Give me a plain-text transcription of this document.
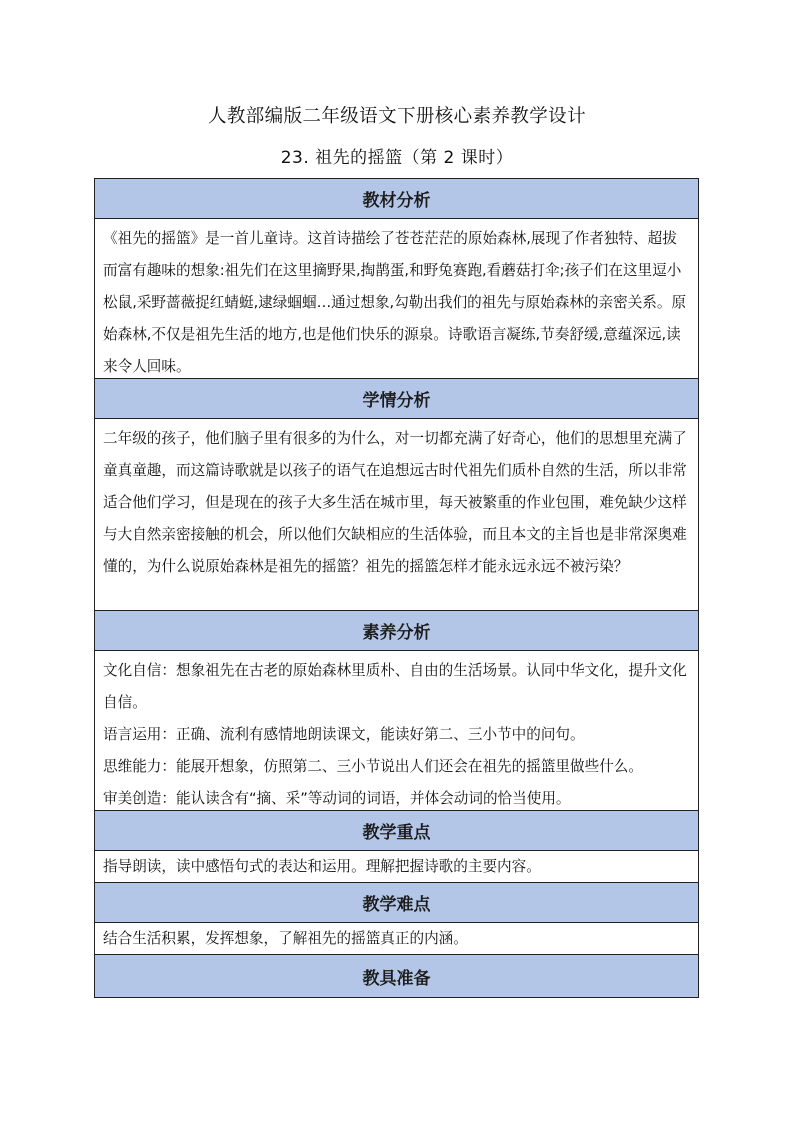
人教部编版二年级语文下册核心素养教学设计
23. 祖先的摇篮（第 2 课时）
教材分析

《祖先的摇篮》是一首儿童诗。这首诗描绘了苍苍茫茫的原始森林,展现了作者独特、超拔而富有趣味的想象:祖先们在这里摘野果,掏鹊蛋,和野兔赛跑,看蘑菇打伞;孩子们在这里逗小松鼠,采野蔷薇捉红蜻蜓,逮绿蝈蝈…通过想象,勾勒出我们的祖先与原始森林的亲密关系。原始森林,不仅是祖先生活的地方,也是他们快乐的源泉。诗歌语言凝练,节奏舒缓,意蕴深远,读来令人回味。

学情分析

二年级的孩子，他们脑子里有很多的为什么，对一切都充满了好奇心，他们的思想里充满了童真童趣，而这篇诗歌就是以孩子的语气在追想远古时代祖先们质朴自然的生活，所以非常适合他们学习，但是现在的孩子大多生活在城市里，每天被繁重的作业包围，难免缺少这样与大自然亲密接触的机会，所以他们欠缺相应的生活体验，而且本文的主旨也是非常深奥难懂的，为什么说原始森林是祖先的摇篮？祖先的摇篮怎样才能永远永远不被污染？

素养分析

文化自信：想象祖先在古老的原始森林里质朴、自由的生活场景。认同中华文化，提升文化自信。

语言运用：正确、流利有感情地朗读课文，能读好第二、三小节中的问句。

思维能力：能展开想象，仿照第二、三小节说出人们还会在祖先的摇篮里做些什么。

审美创造：能认读含有“摘、采”等动词的词语，并体会动词的恰当使用。

教学重点

指导朗读，读中感悟句式的表达和运用。理解把握诗歌的主要内容。

教学难点

结合生活积累，发挥想象，了解祖先的摇篮真正的内涵。

教具准备
